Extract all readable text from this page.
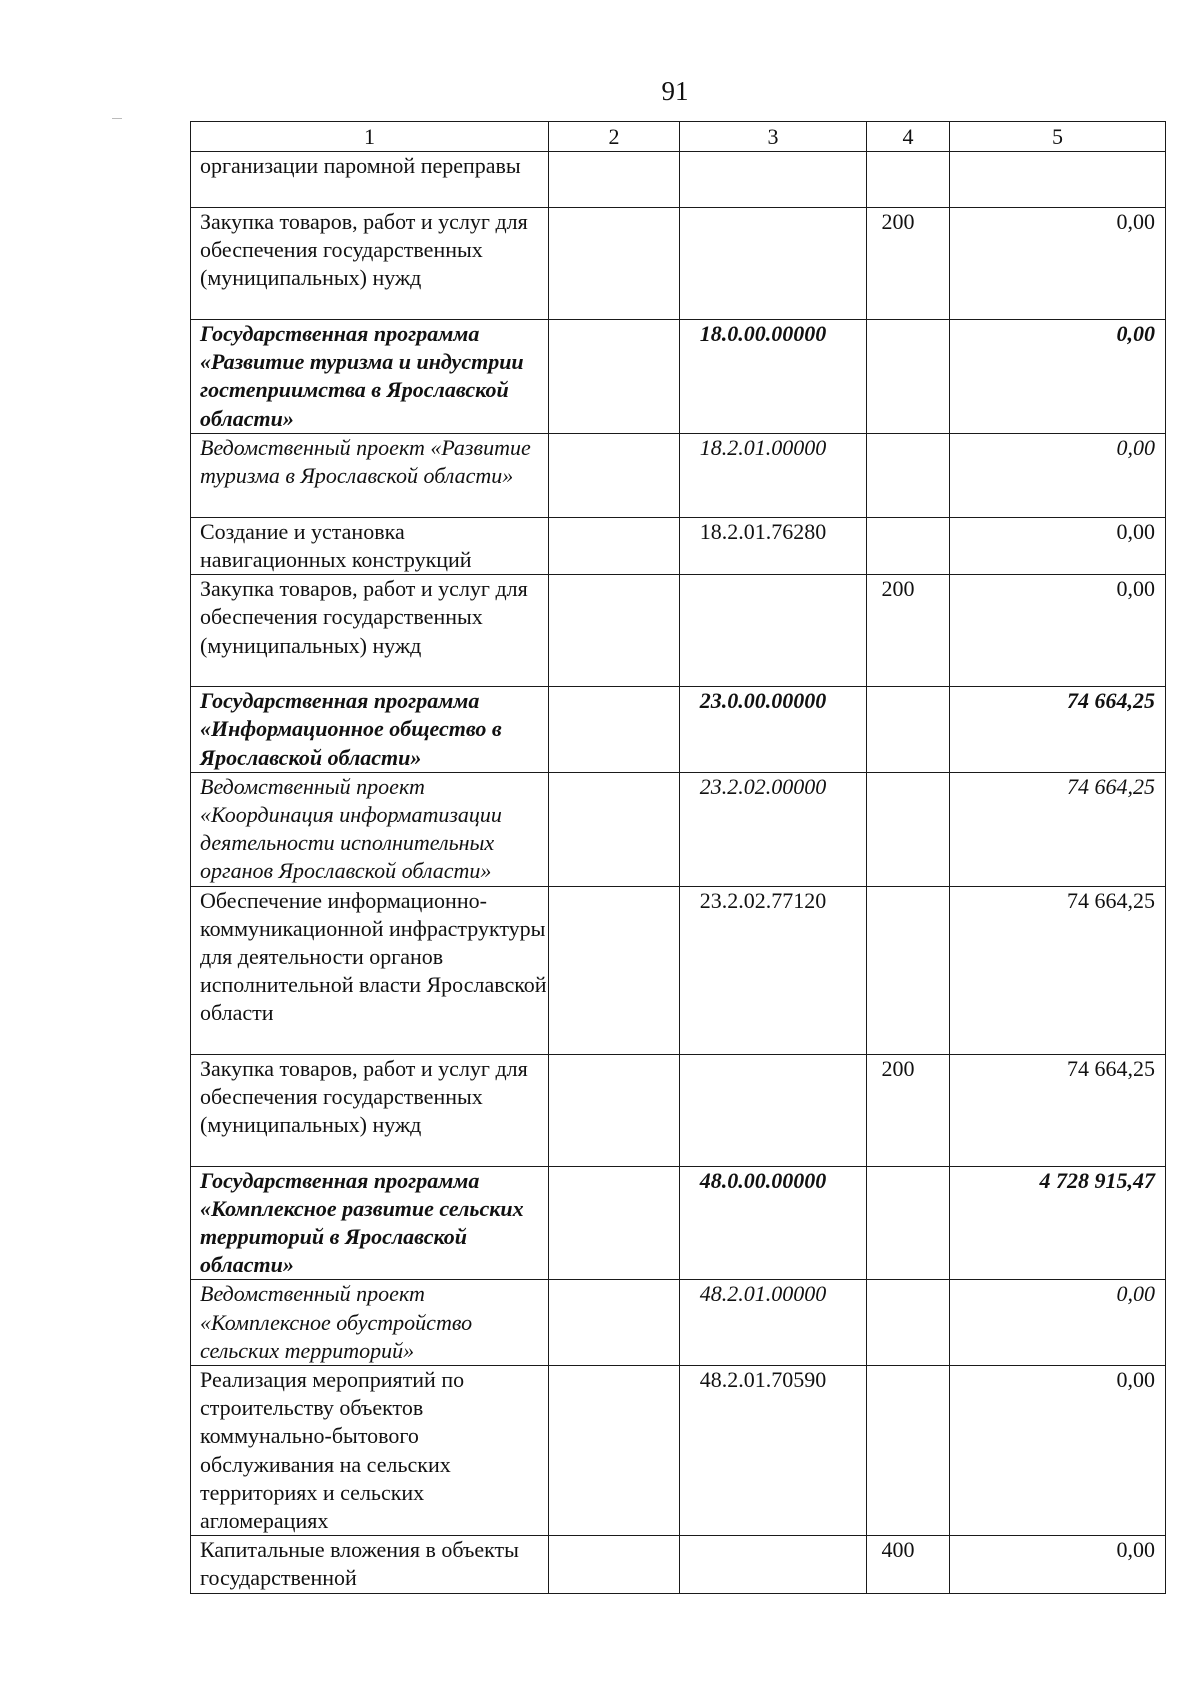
91
1	2	3	4	5
организации паромной переправы				
Закупка товаров, работ и услуг для обеспечения государственных (муниципальных) нужд			200	0,00
Государственная программа «Развитие туризма и индустрии гостеприимства в Ярославской области»		18.0.00.00000		0,00
Ведомственный проект «Развитие туризма в Ярославской области»		18.2.01.00000		0,00
Создание и установка навигационных конструкций		18.2.01.76280		0,00
Закупка товаров, работ и услуг для обеспечения государственных (муниципальных) нужд			200	0,00
Государственная программа «Информационное общество в Ярославской области»		23.0.00.00000		74 664,25
Ведомственный проект «Координация информатизации деятельности исполнительных органов Ярославской области»		23.2.02.00000		74 664,25
Обеспечение информационно-коммуникационной инфраструктуры для деятельности органов исполнительной власти Ярославской области		23.2.02.77120		74 664,25
Закупка товаров, работ и услуг для обеспечения государственных (муниципальных) нужд			200	74 664,25
Государственная программа «Комплексное развитие сельских территорий в Ярославской области»		48.0.00.00000		4 728 915,47
Ведомственный проект «Комплексное обустройство сельских территорий»		48.2.01.00000		0,00
Реализация мероприятий по строительству объектов коммунально-бытового обслуживания на сельских территориях и сельских агломерациях		48.2.01.70590		0,00
Капитальные вложения в объекты государственной			400	0,00
